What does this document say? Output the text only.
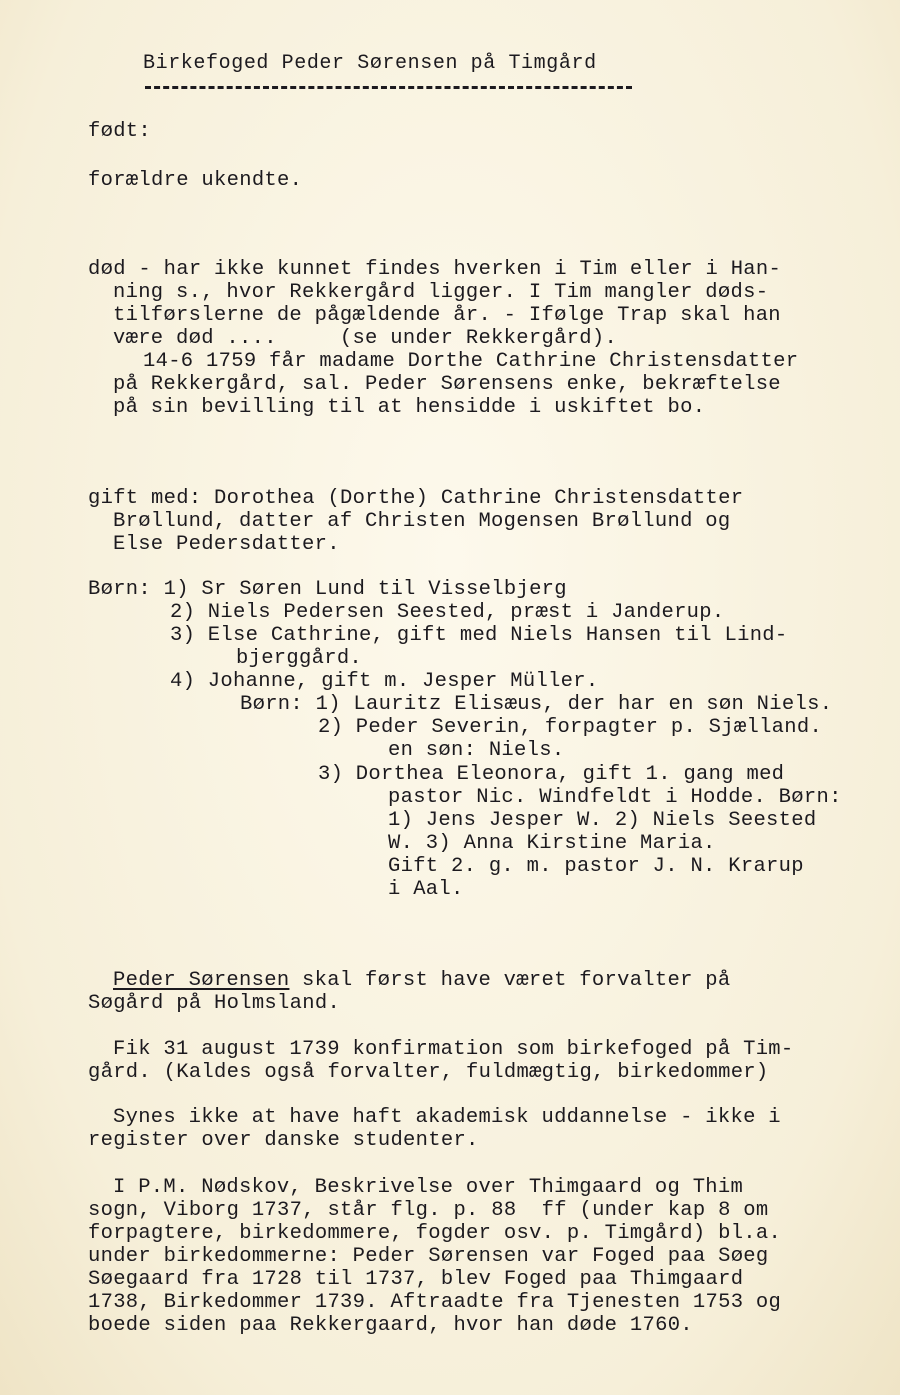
Birkefoged Peder Sørensen på Timgård
født:
forældre ukendte.
død - har ikke kunnet findes hverken i Tim eller i Han-
ning s., hvor Rekkergård ligger. I Tim mangler døds-
tilførslerne de pågældende år. - Ifølge Trap skal han
være død ....     (se under Rekkergård).
14-6 1759 får madame Dorthe Cathrine Christensdatter
på Rekkergård, sal. Peder Sørensens enke, bekræftelse
på sin bevilling til at hensidde i uskiftet bo.
gift med: Dorothea (Dorthe) Cathrine Christensdatter
Brøllund, datter af Christen Mogensen Brøllund og
Else Pedersdatter.
Børn: 1) Sr Søren Lund til Visselbjerg
2) Niels Pedersen Seested, præst i Janderup.
3) Else Cathrine, gift med Niels Hansen til Lind-
bjerggård.
4) Johanne, gift m. Jesper Müller.
Børn: 1) Lauritz Elisæus, der har en søn Niels.
2) Peder Severin, forpagter p. Sjælland.
en søn: Niels.
3) Dorthea Eleonora, gift 1. gang med
pastor Nic. Windfeldt i Hodde. Børn:
1) Jens Jesper W. 2) Niels Seested
W. 3) Anna Kirstine Maria.
Gift 2. g. m. pastor J. N. Krarup
i Aal.
Peder Sørensen skal først have været forvalter på
Søgård på Holmsland.
Fik 31 august 1739 konfirmation som birkefoged på Tim-
gård. (Kaldes også forvalter, fuldmægtig, birkedommer)
Synes ikke at have haft akademisk uddannelse - ikke i
register over danske studenter.
I P.M. Nødskov, Beskrivelse over Thimgaard og Thim
sogn, Viborg 1737, står flg. p. 88  ff (under kap 8 om
forpagtere, birkedommere, fogder osv. p. Timgård) bl.a.
under birkedommerne: Peder Sørensen var Foged paa Søeg
Søegaard fra 1728 til 1737, blev Foged paa Thimgaard
1738, Birkedommer 1739. Aftraadte fra Tjenesten 1753 og
boede siden paa Rekkergaard, hvor han døde 1760.
